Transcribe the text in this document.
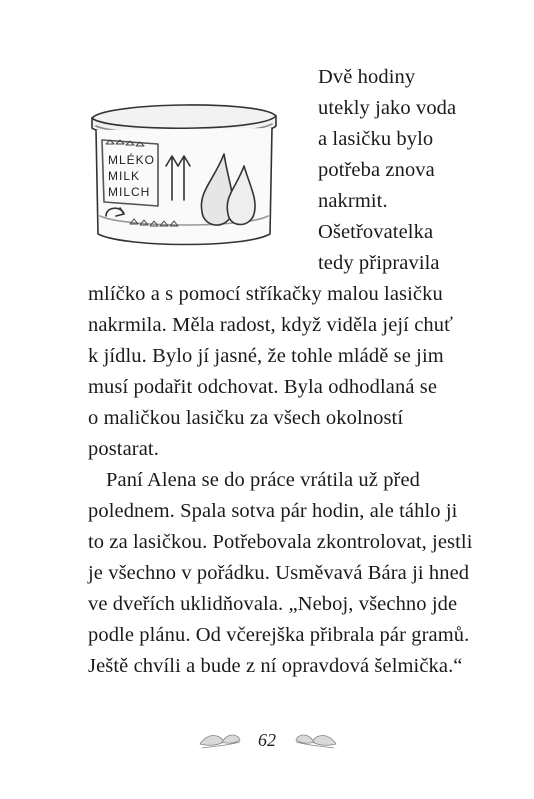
MLÉKO
MILK
MILCH
Dvě hodiny
utekly jako voda
a lasičku bylo
potřeba znova
nakrmit.
Ošetřovatelka
tedy připravila
mlíčko a s pomocí stříkačky malou lasičku
nakrmila. Měla radost, když viděla její chuť
k jídlu. Bylo jí jasné, že tohle mládě se jim
musí podařit odchovat. Byla odhodlaná se
o maličkou lasičku za všech okolností
postarat.
Paní Alena se do práce vrátila už před
polednem. Spala sotva pár hodin, ale táhlo ji
to za lasičkou. Potřebovala zkontrolovat, jestli
je všechno v pořádku. Usměvavá Bára ji hned
ve dveřích uklidňovala. „Neboj, všechno jde
podle plánu. Od včerejška přibrala pár gramů.
Ještě chvíli a bude z ní opravdová šelmička.“
62
